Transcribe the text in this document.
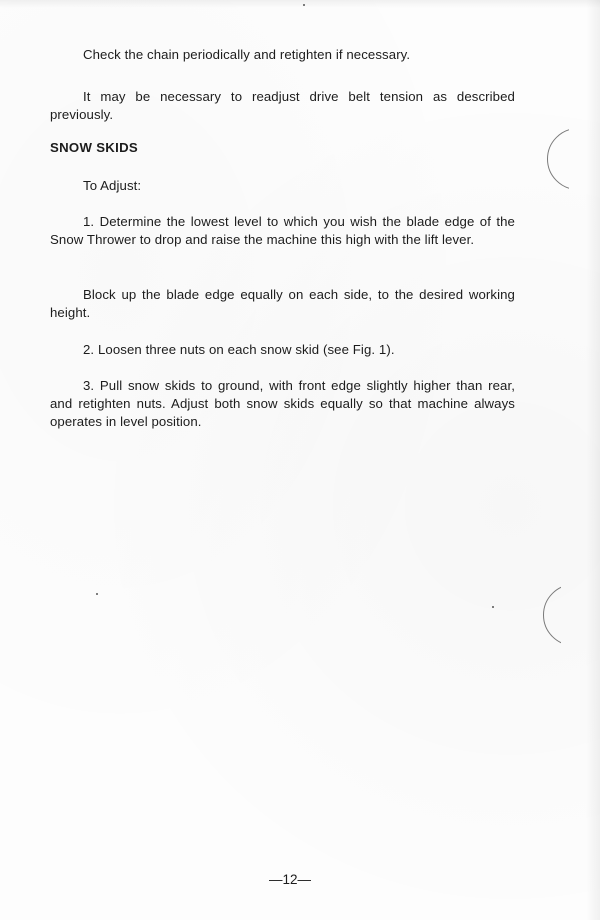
Check the chain periodically and retighten if necessary.

It may be necessary to readjust drive belt tension as described previously.

SNOW SKIDS

To Adjust:

1. Determine the lowest level to which you wish the blade edge of the Snow Thrower to drop and raise the machine this high with the lift lever.

Block up the blade edge equally on each side, to the desired working height.

2. Loosen three nuts on each snow skid (see Fig. 1).

3. Pull snow skids to ground, with front edge slightly higher than rear, and retighten nuts. Adjust both snow skids equally so that machine always operates in level position.

—12—
